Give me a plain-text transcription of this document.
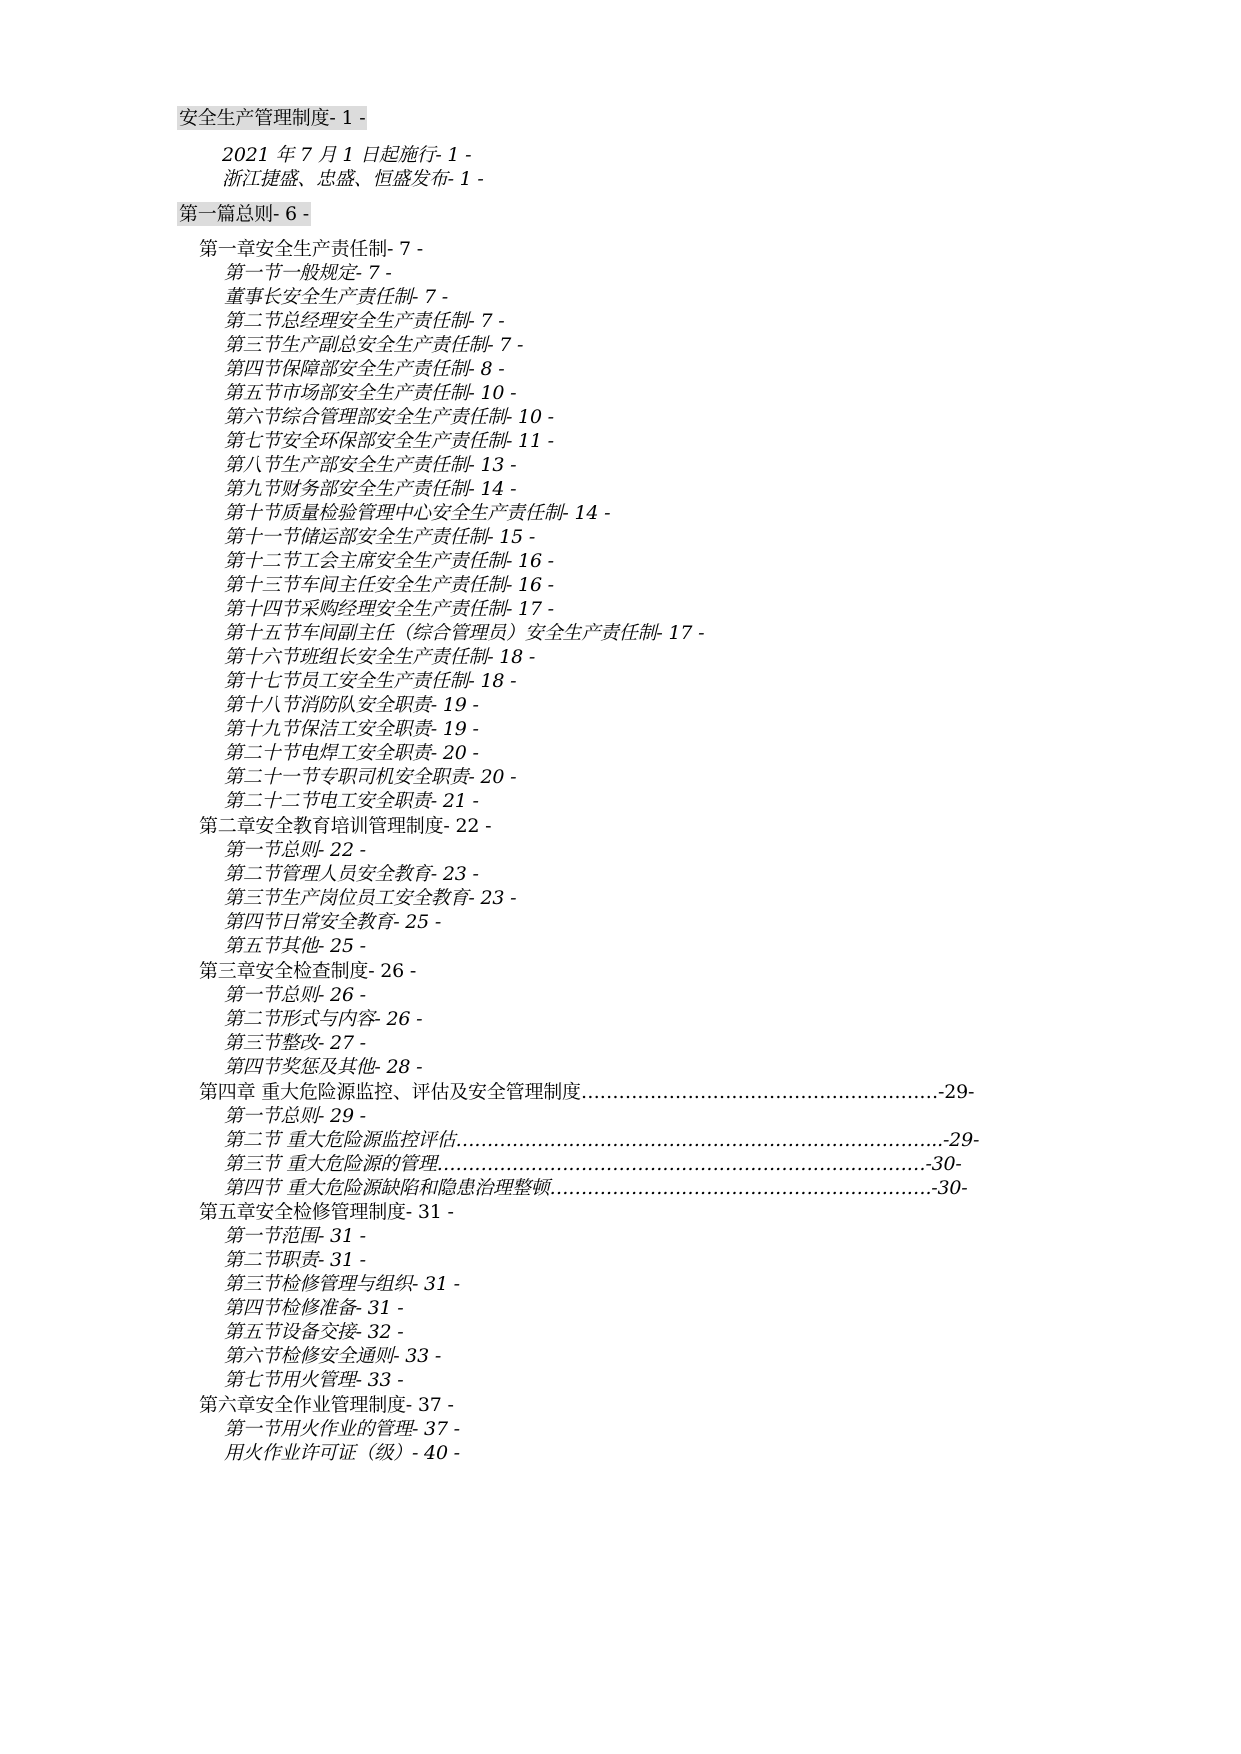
安全生产管理制度- 1 -
2021 年 7 月 1 日起施行- 1 -
浙江捷盛、忠盛、恒盛发布- 1 -
第一篇总则- 6 -
第一章安全生产责任制- 7 -
第一节一般规定- 7 -
董事长安全生产责任制- 7 -
第二节总经理安全生产责任制- 7 -
第三节生产副总安全生产责任制- 7 -
第四节保障部安全生产责任制- 8 -
第五节市场部安全生产责任制- 10 -
第六节综合管理部安全生产责任制- 10 -
第七节安全环保部安全生产责任制- 11 -
第八节生产部安全生产责任制- 13 -
第九节财务部安全生产责任制- 14 -
第十节质量检验管理中心安全生产责任制- 14 -
第十一节储运部安全生产责任制- 15 -
第十二节工会主席安全生产责任制- 16 -
第十三节车间主任安全生产责任制- 16 -
第十四节采购经理安全生产责任制- 17 -
第十五节车间副主任（综合管理员）安全生产责任制- 17 -
第十六节班组长安全生产责任制- 18 -
第十七节员工安全生产责任制- 18 -
第十八节消防队安全职责- 19 -
第十九节保洁工安全职责- 19 -
第二十节电焊工安全职责- 20 -
第二十一节专职司机安全职责- 20 -
第二十二节电工安全职责- 21 -
第二章安全教育培训管理制度- 22 -
第一节总则- 22 -
第二节管理人员安全教育- 23 -
第三节生产岗位员工安全教育- 23 -
第四节日常安全教育- 25 -
第五节其他- 25 -
第三章安全检查制度- 26 -
第一节总则- 26 -
第二节形式与内容- 26 -
第三节整改- 27 -
第四节奖惩及其他- 28 -
第四章 重大危险源监控、评估及安全管理制度…………………………………………………-29-
第一节总则- 29 -
第二节 重大危险源监控评估…………………………………………………………………...-29-
第三节 重大危险源的管理……………………………………………………………………-30-
第四节 重大危险源缺陷和隐患治理整顿…………………………………………………….-30-
第五章安全检修管理制度- 31 -
第一节范围- 31 -
第二节职责- 31 -
第三节检修管理与组织- 31 -
第四节检修准备- 31 -
第五节设备交接- 32 -
第六节检修安全通则- 33 -
第七节用火管理- 33 -
第六章安全作业管理制度- 37 -
第一节用火作业的管理- 37 -
用火作业许可证（级）- 40 -
